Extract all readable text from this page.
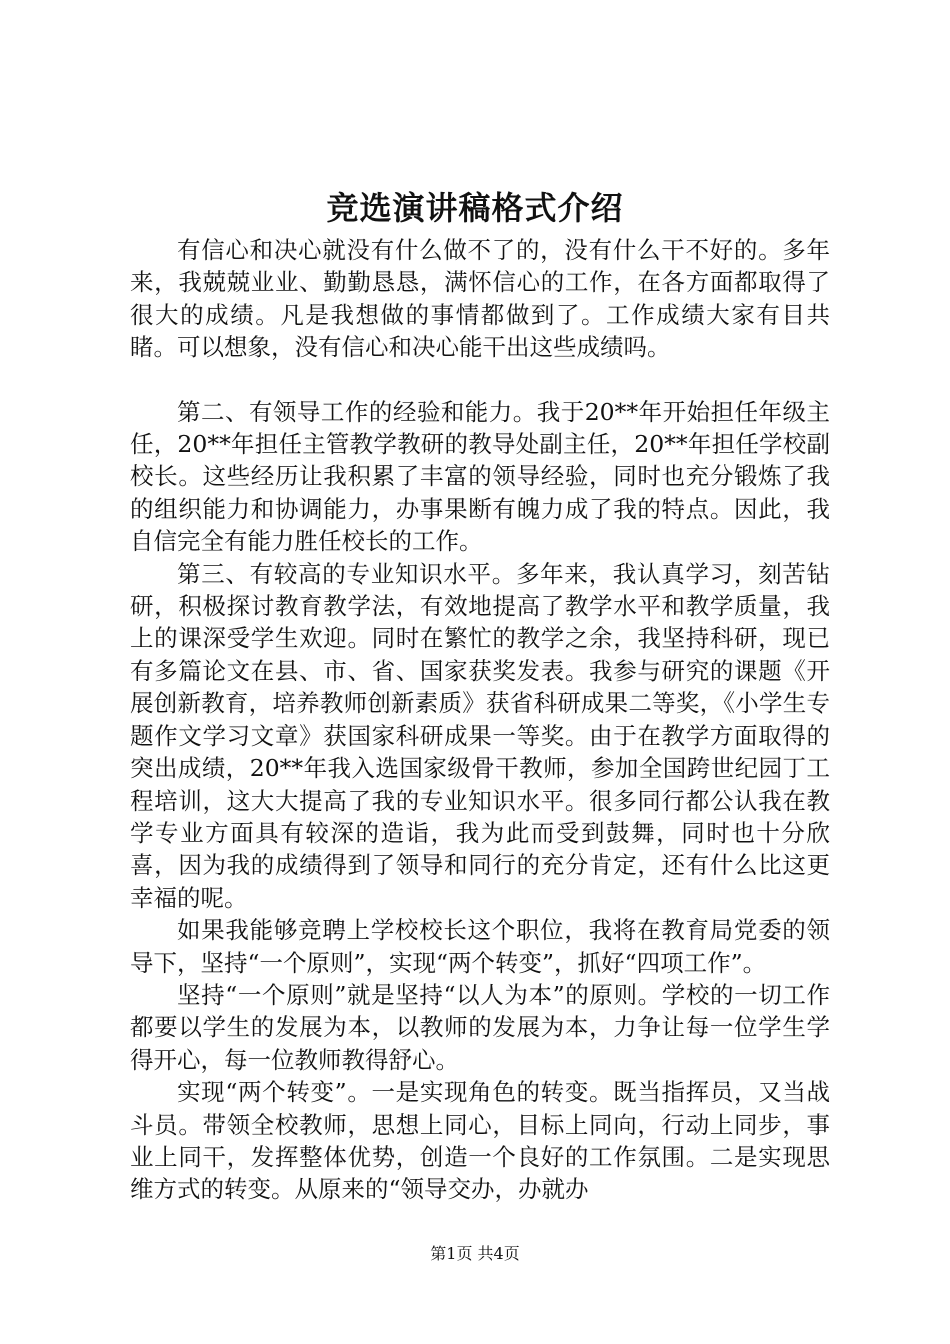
竞选演讲稿格式介绍

有信心和决心就没有什么做不了的，没有什么干不好的。多年来，我兢兢业业、勤勤恳恳，满怀信心的工作，在各方面都取得了很大的成绩。凡是我想做的事情都做到了。工作成绩大家有目共睹。可以想象，没有信心和决心能干出这些成绩吗。

第二、有领导工作的经验和能力。我于20**年开始担任年级主任，20**年担任主管教学教研的教导处副主任，20**年担任学校副校长。这些经历让我积累了丰富的领导经验，同时也充分锻炼了我的组织能力和协调能力，办事果断有魄力成了我的特点。因此，我自信完全有能力胜任校长的工作。

第三、有较高的专业知识水平。多年来，我认真学习，刻苦钻研，积极探讨教育教学法，有效地提高了教学水平和教学质量，我上的课深受学生欢迎。同时在繁忙的教学之余，我坚持科研，现已有多篇论文在县、市、省、国家获奖发表。我参与研究的课题《开展创新教育，培养教师创新素质》获省科研成果二等奖，《小学生专题作文学习文章》获国家科研成果一等奖。由于在教学方面取得的突出成绩，20**年我入选国家级骨干教师，参加全国跨世纪园丁工程培训，这大大提高了我的专业知识水平。很多同行都公认我在教学专业方面具有较深的造诣，我为此而受到鼓舞，同时也十分欣喜，因为我的成绩得到了领导和同行的充分肯定，还有什么比这更幸福的呢。

如果我能够竞聘上学校校长这个职位，我将在教育局党委的领导下，坚持“一个原则”，实现“两个转变”，抓好“四项工作”。

坚持“一个原则”就是坚持“以人为本”的原则。学校的一切工作都要以学生的发展为本，以教师的发展为本，力争让每一位学生学得开心，每一位教师教得舒心。

实现“两个转变”。一是实现角色的转变。既当指挥员，又当战斗员。带领全校教师，思想上同心，目标上同向，行动上同步，事业上同干，发挥整体优势，创造一个良好的工作氛围。二是实现思维方式的转变。从原来的“领导交办，办就办

第1页 共4页
